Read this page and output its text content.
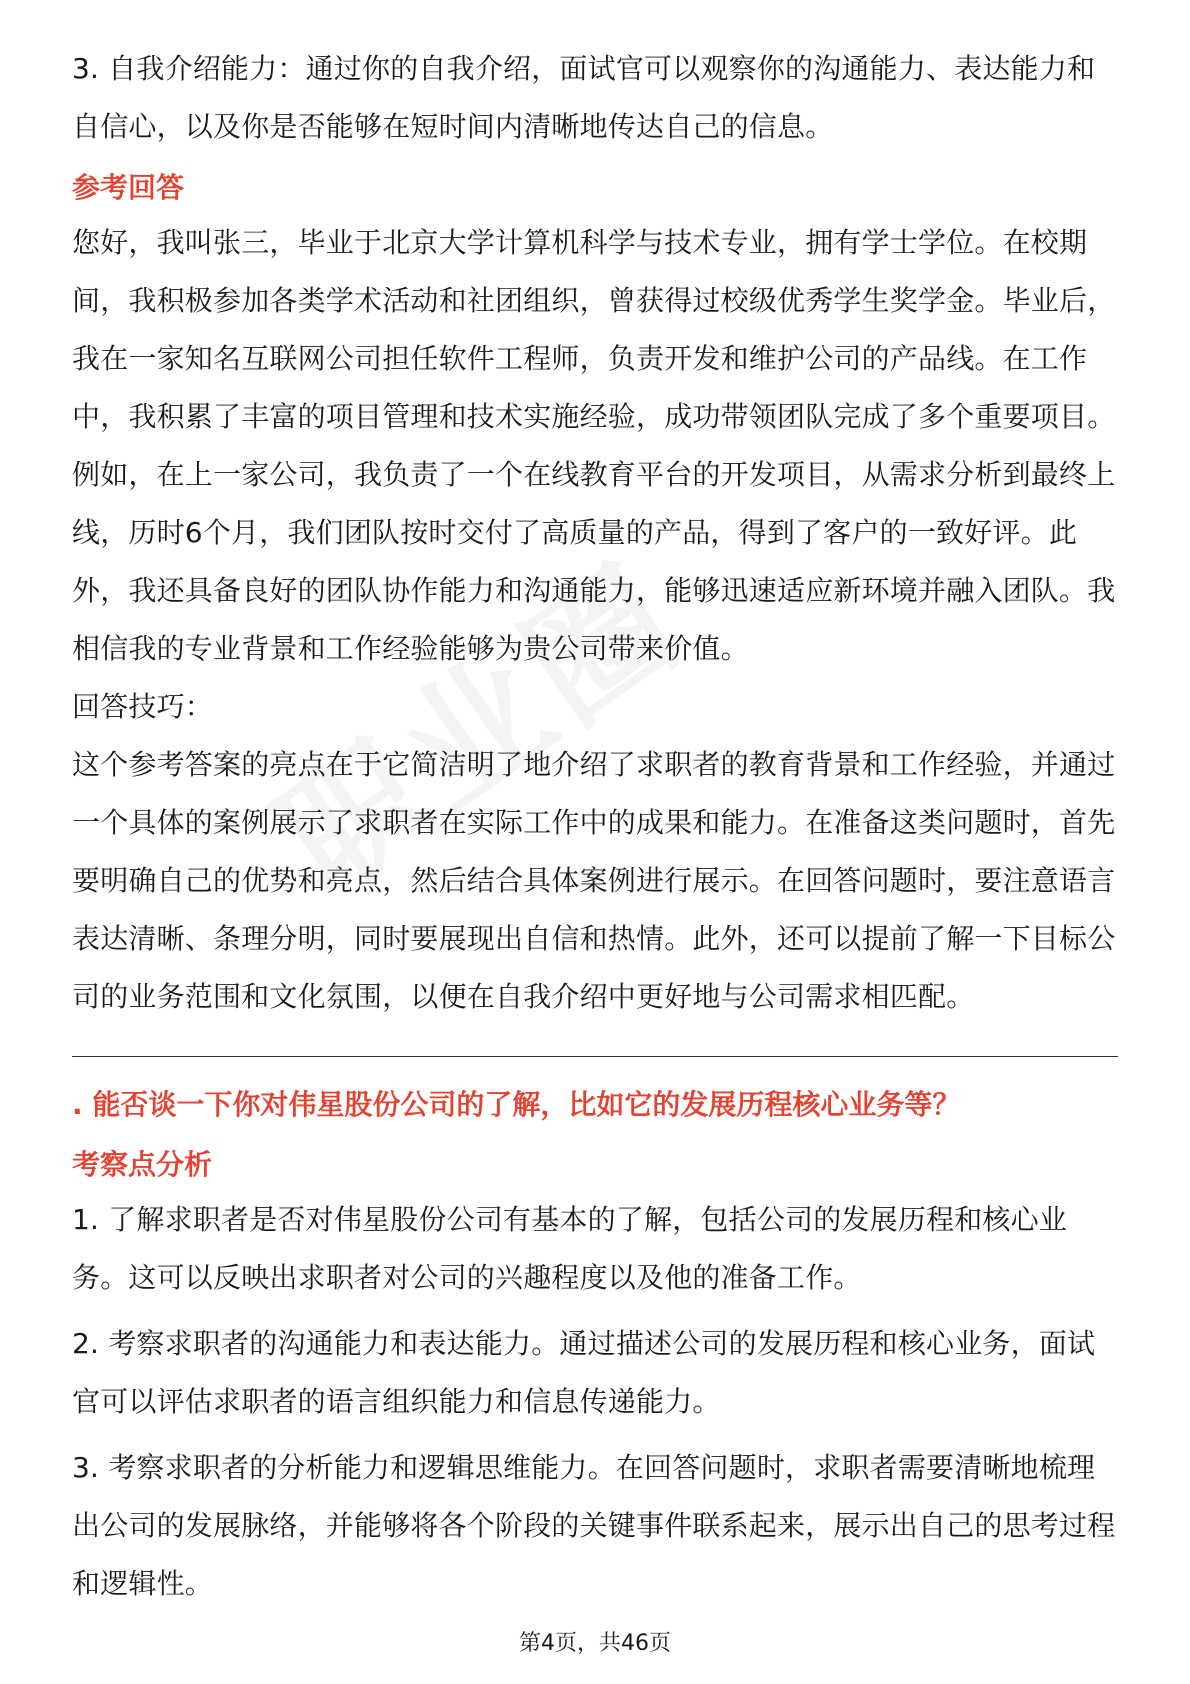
3. 自我介绍能力：通过你的自我介绍，面试官可以观察你的沟通能力、表达能力和自信心，以及你是否能够在短时间内清晰地传达自己的信息。

参考回答

您好，我叫张三，毕业于北京大学计算机科学与技术专业，拥有学士学位。在校期间，我积极参加各类学术活动和社团组织，曾获得过校级优秀学生奖学金。毕业后，我在一家知名互联网公司担任软件工程师，负责开发和维护公司的产品线。在工作中，我积累了丰富的项目管理和技术实施经验，成功带领团队完成了多个重要项目。例如，在上一家公司，我负责了一个在线教育平台的开发项目，从需求分析到最终上线，历时6个月，我们团队按时交付了高质量的产品，得到了客户的一致好评。此外，我还具备良好的团队协作能力和沟通能力，能够迅速适应新环境并融入团队。我相信我的专业背景和工作经验能够为贵公司带来价值。

回答技巧：

这个参考答案的亮点在于它简洁明了地介绍了求职者的教育背景和工作经验，并通过一个具体的案例展示了求职者在实际工作中的成果和能力。在准备这类问题时，首先要明确自己的优势和亮点，然后结合具体案例进行展示。在回答问题时，要注意语言表达清晰、条理分明，同时要展现出自信和热情。此外，还可以提前了解一下目标公司的业务范围和文化氛围，以便在自我介绍中更好地与公司需求相匹配。

. 能否谈一下你对伟星股份公司的了解，比如它的发展历程核心业务等？

考察点分析

1. 了解求职者是否对伟星股份公司有基本的了解，包括公司的发展历程和核心业务。这可以反映出求职者对公司的兴趣程度以及他的准备工作。

2. 考察求职者的沟通能力和表达能力。通过描述公司的发展历程和核心业务，面试官可以评估求职者的语言组织能力和信息传递能力。

3. 考察求职者的分析能力和逻辑思维能力。在回答问题时，求职者需要清晰地梳理出公司的发展脉络，并能够将各个阶段的关键事件联系起来，展示出自己的思考过程和逻辑性。

第4页，共46页
